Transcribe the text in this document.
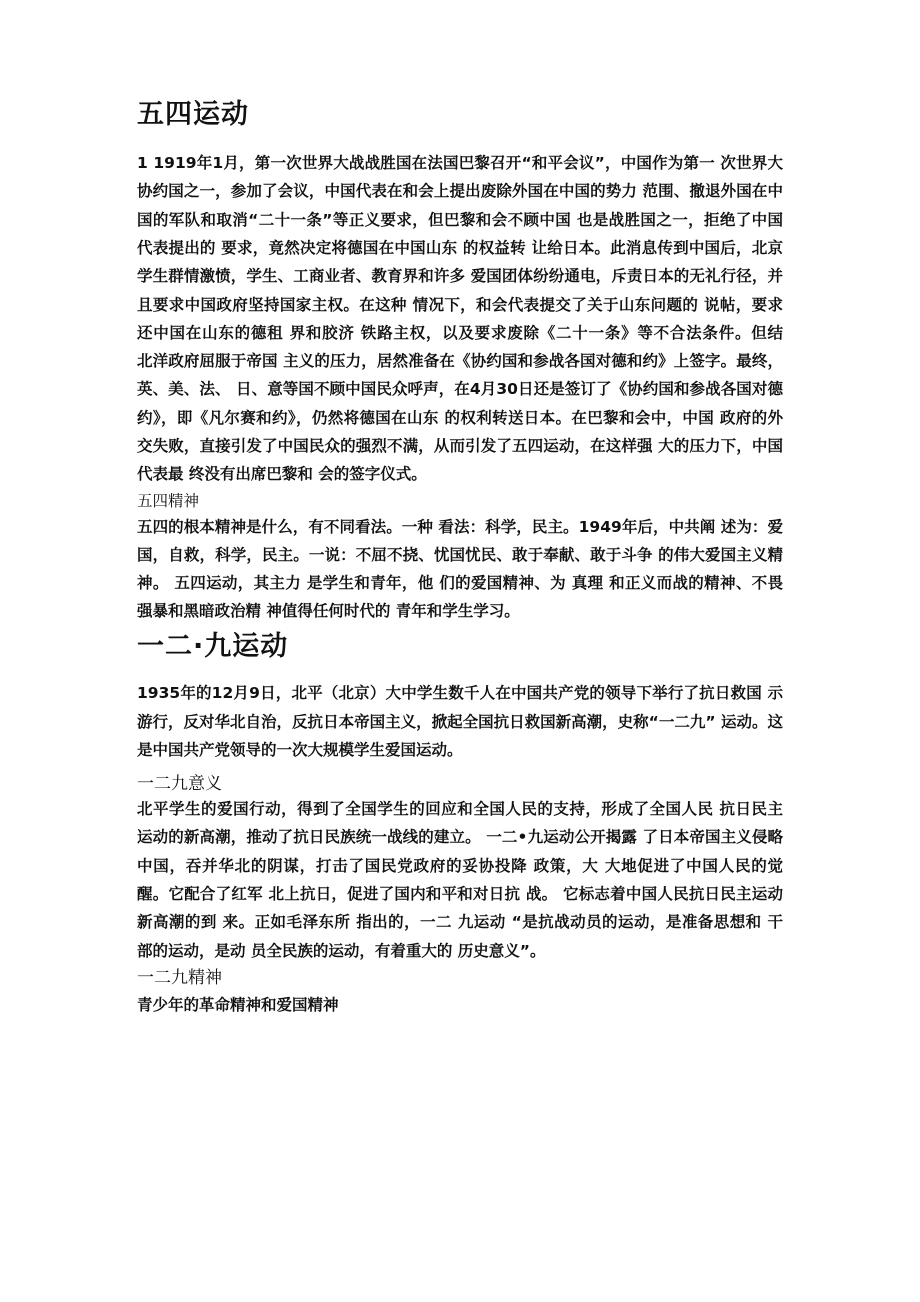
五四运动
1 1919年1月，第一次世界大战战胜国在法国巴黎召开“和平会议”，中国作为第一 次世界大
协约国之一，参加了会议，中国代表在和会上提出废除外国在中国的势力 范围、撤退外国在中
国的军队和取消“二十一条”等正义要求，但巴黎和会不顾中国 也是战胜国之一，拒绝了中国
代表提出的 要求，竟然决定将德国在中国山东 的权益转 让给日本。此消息传到中国后，北京
学生群情激愤，学生、工商业者、教育界和许多 爱国团体纷纷通电，斥责日本的无礼行径，并
且要求中国政府坚持国家主权。在这种 情况下，和会代表提交了关于山东问题的 说帖，要求
还中国在山东的德租 界和胶济 铁路主权，以及要求废除《二十一条》等不合法条件。但结
北洋政府屈服于帝国 主义的压力，居然准备在《协约国和参战各国对德和约》上签字。最终，
英、美、法、 日、意等国不顾中国民众呼声，在4月30日还是签订了《协约国和参战各国对德
约》，即《凡尔赛和约》，仍然将德国在山东 的权利转送日本。在巴黎和会中，中国 政府的外
交失败，直接引发了中国民众的强烈不满，从而引发了五四运动，在这样强 大的压力下，中国
代表最 终没有出席巴黎和 会的签字仪式。
五四精神
五四的根本精神是什么，有不同看法。一种 看法：科学，民主。1949年后，中共阐 述为：爱
国，自救，科学，民主。一说：不屈不挠、忧国忧民、敢于奉献、敢于斗争 的伟大爱国主义精
神。 五四运动，其主力 是学生和青年，他 们的爱国精神、为 真理 和正义而战的精神、不畏
强暴和黑暗政治精 神值得任何时代的 青年和学生学习。
一二·九运动
1935年的12月9日，北平（北京）大中学生数千人在中国共产党的领导下举行了抗日救国 示
游行，反对华北自治，反抗日本帝国主义，掀起全国抗日救国新高潮，史称“一二九” 运动。这
是中国共产党领导的一次大规模学生爱国运动。
一二九意义
北平学生的爱国行动，得到了全国学生的回应和全国人民的支持，形成了全国人民 抗日民主
运动的新高潮，推动了抗日民族统一战线的建立。 一二•九运动公开揭露 了日本帝国主义侵略
中国，吞并华北的阴谋，打击了国民党政府的妥协投降 政策，大 大地促进了中国人民的觉
醒。它配合了红军 北上抗日，促进了国内和平和对日抗 战。 它标志着中国人民抗日民主运动
新高潮的到 来。正如毛泽东所 指出的，一二 九运动 “是抗战动员的运动，是准备思想和 干
部的运动，是动 员全民族的运动，有着重大的 历史意义”。
一二九精神
青少年的革命精神和爱国精神
